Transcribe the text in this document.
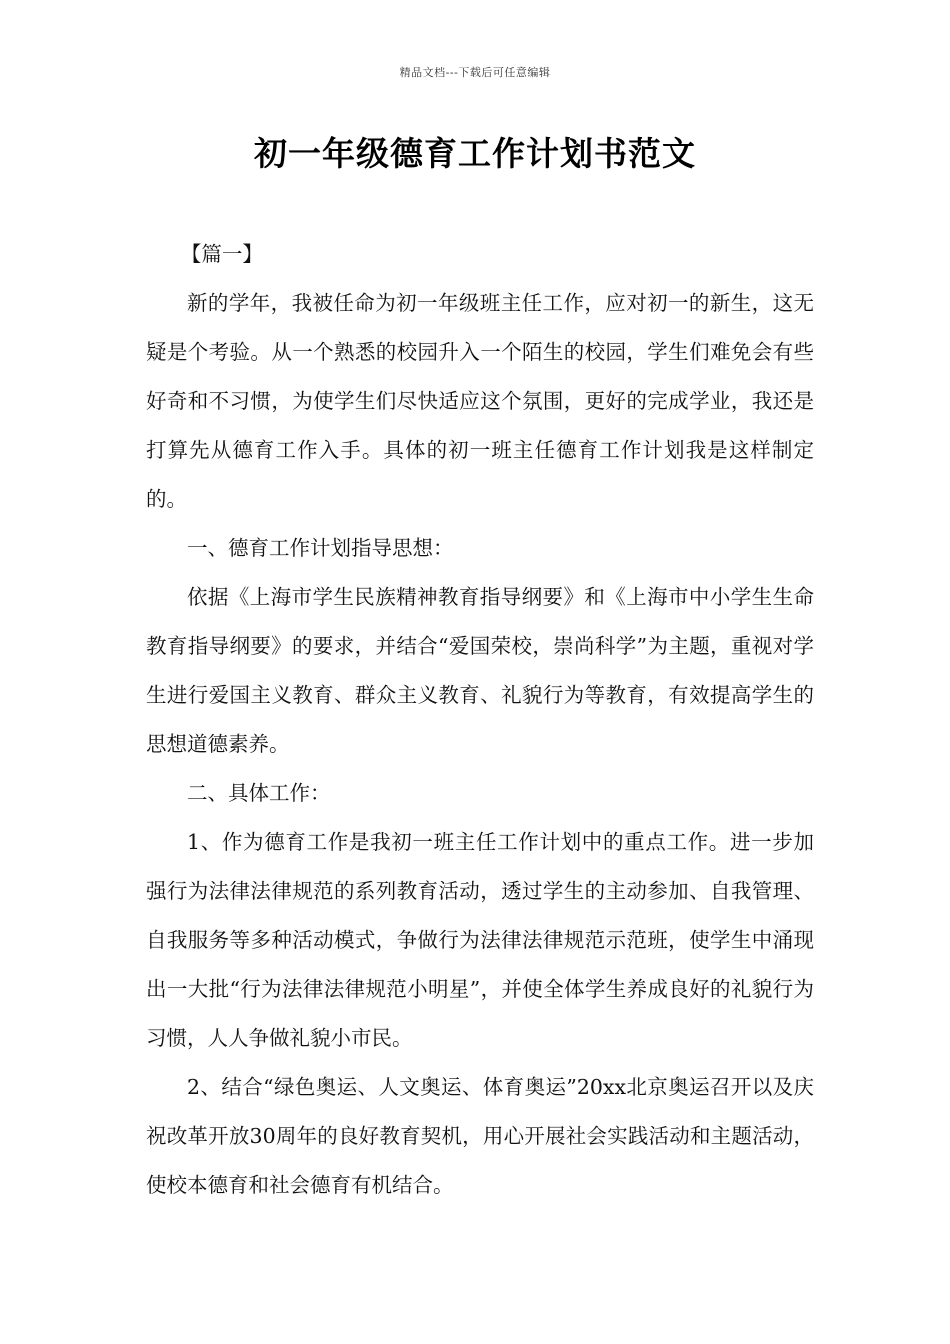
精品文档---下载后可任意编辑
初一年级德育工作计划书范文

【篇一】

新的学年，我被任命为初一年级班主任工作，应对初一的新生，这无疑是个考验。从一个熟悉的校园升入一个陌生的校园，学生们难免会有些好奇和不习惯，为使学生们尽快适应这个氛围，更好的完成学业，我还是打算先从德育工作入手。具体的初一班主任德育工作计划我是这样制定的。

一、德育工作计划指导思想：

依据《上海市学生民族精神教育指导纲要》和《上海市中小学生生命教育指导纲要》的要求，并结合“爱国荣校，崇尚科学”为主题，重视对学生进行爱国主义教育、群众主义教育、礼貌行为等教育，有效提高学生的思想道德素养。

二、具体工作：

1、作为德育工作是我初一班主任工作计划中的重点工作。进一步加强行为法律法律规范的系列教育活动，透过学生的主动参加、自我管理、自我服务等多种活动模式，争做行为法律法律规范示范班，使学生中涌现出一大批“行为法律法律规范小明星”，并使全体学生养成良好的礼貌行为习惯，人人争做礼貌小市民。

2、结合“绿色奥运、人文奥运、体育奥运”20xx北京奥运召开以及庆祝改革开放30周年的良好教育契机，用心开展社会实践活动和主题活动，使校本德育和社会德育有机结合。
